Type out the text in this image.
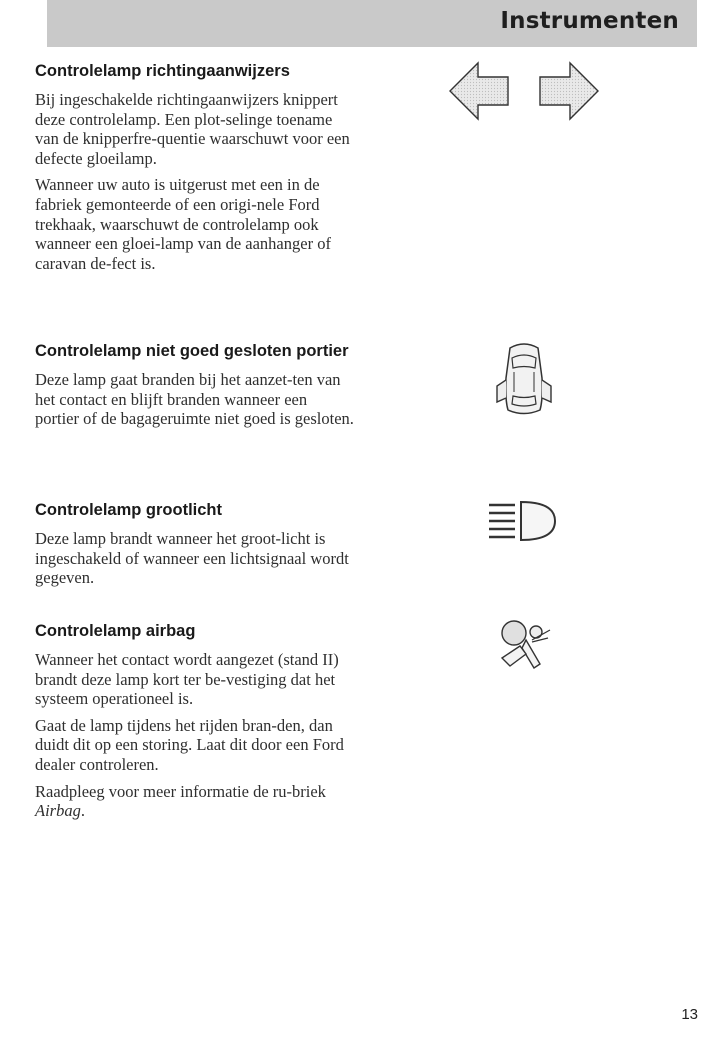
Instrumenten
Controlelamp richtingaanwijzers

Bij ingeschakelde richtingaanwijzers knippert deze controlelamp. Een plot-selinge toename van de knipperfre-quentie waarschuwt voor een defecte gloeilamp.

Wanneer uw auto is uitgerust met een in de fabriek gemonteerde of een origi-nele Ford trekhaak, waarschuwt de controlelamp ook wanneer een gloei-lamp van de aanhanger of caravan de-fect is.

Controlelamp niet goed gesloten portier

Deze lamp gaat branden bij het aanzet-ten van het contact en blijft branden wanneer een portier of de bagageruimte niet goed is gesloten.

Controlelamp grootlicht

Deze lamp brandt wanneer het groot-licht is ingeschakeld of wanneer een lichtsignaal wordt gegeven.

Controlelamp airbag

Wanneer het contact wordt aangezet (stand II) brandt deze lamp kort ter be-vestiging dat het systeem operationeel is.

Gaat de lamp tijdens het rijden bran-den, dan duidt dit op een storing. Laat dit door een Ford dealer controleren.

Raadpleeg voor meer informatie de ru-briek Airbag.

13
